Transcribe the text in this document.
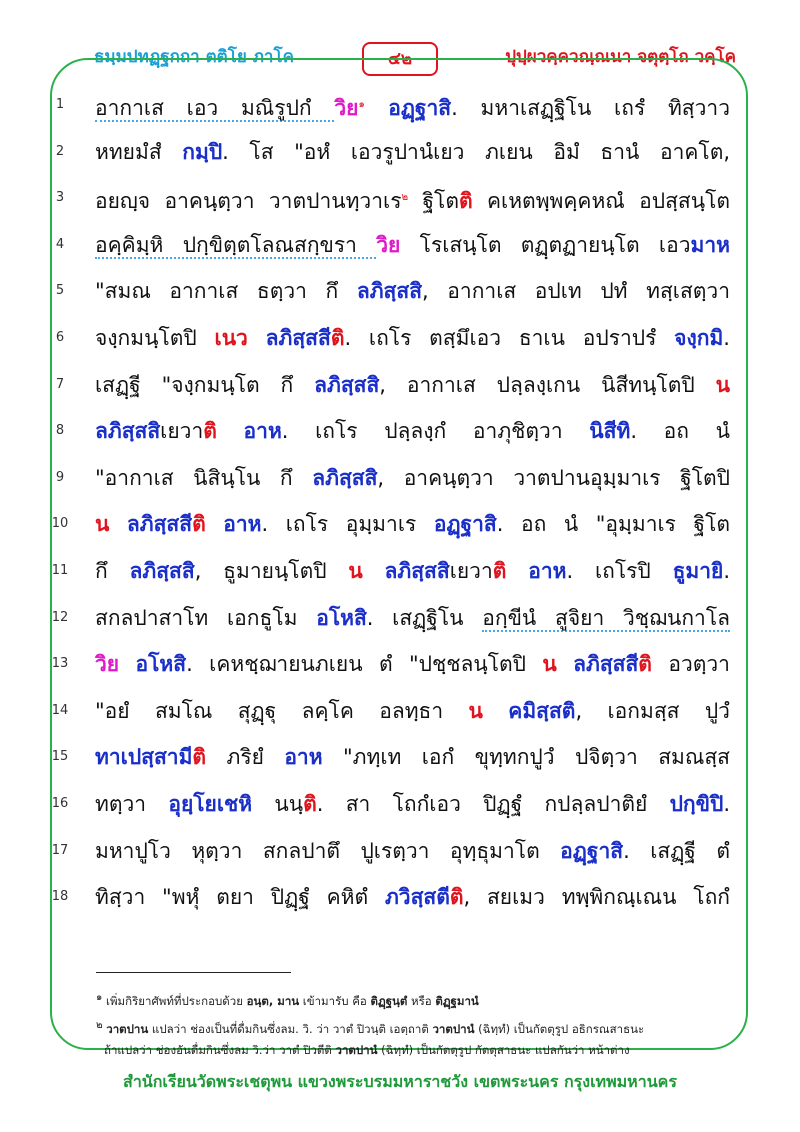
ธมฺมปทฏฺฐกถา ตติโย ภาโค	๔๒	ปุปฺผวคฺควณฺณนา จตุตฺโถ วคฺโค
1	อากาเส เอว มณิรูปกํ วิย$^๑$ อฏฺฐาสิ. มหาเสฏฺฐิโน เถรํ ทิสฺวาว
2	หทยมํสํ กมฺปิ. โส "อหํ เอวรูปานํเยว ภเยน อิมํ ธานํ อาคโต,
3	อยญฺจ อาคนฺตฺวา วาตปานทฺวาเร$^๒$ ฐิโตติ คเหตพฺพคฺคหณํ อปสฺสนฺโต
4	อคฺคิมฺหิ ปกฺขิตฺตโลณสกฺขรา วิย โรเสนฺโต ตฏฺตฏายนฺโต เอวมาห
5	"สมณ อากาเส ธตฺวา กึ ลภิสฺสสิ, อากาเส อปเท ปทํ ทสฺเสตฺวา
6	จงฺกมนฺโตปิ เนว ลภิสฺสสีติ. เถโร ตสฺมึเอว ธาเน อปราปรํ จงฺกมิ.
7	เสฏฺฐี "จงฺกมนฺโต กึ ลภิสฺสสิ, อากาเส ปลฺลงฺเกน นิสีทนฺโตปิ น
8	ลภิสฺสสิเยวาติ อาห. เถโร ปลฺลงฺกํ อาภุชิตฺวา นิสีทิ. อถ นํ
9	"อากาเส นิสินฺโน กึ ลภิสฺสสิ, อาคนฺตฺวา วาตปานอุมฺมาเร ฐิโตปิ
10	น ลภิสฺสสีติ อาห. เถโร อุมฺมาเร อฏฺฐาสิ. อถ นํ "อุมฺมาเร ฐิโต
11	กึ ลภิสฺสสิ, ธูมายนฺโตปิ น ลภิสฺสสิเยวาติ อาห. เถโรปิ ธูมายิ.
12	สกลปาสาโท เอกธูโม อโหสิ. เสฏฺฐิโน อกฺขีนํ สูจิยา วิชฺฌนกาโล
13	วิย อโหสิ. เคหชฺฌายนภเยน ตํ "ปชฺชลนฺโตปิ น ลภิสฺสสีติ อวตฺวา
14	"อยํ สมโณ สุฏฺฐุ ลคฺโค อลทฺธา น คมิสฺสติ, เอกมสฺส ปูวํ
15	ทาเปสฺสามีติ ภริยํ อาห "ภทฺเท เอกํ ขุทฺทกปูวํ ปจิตฺวา สมณสฺส
16	ทตฺวา อุยฺโยเชหิ นนฺติ. สา โถกํเอว ปิฏฺฐํ กปลฺลปาติยํ ปกฺขิปิ.
17	มหาปูโว หุตฺวา สกลปาตึ ปูเรตฺวา อุทฺธุมาโต อฏฺฐาสิ. เสฏฺฐี ตํ
18	ทิสฺวา "พหุํ ตยา ปิฏฺฐํ คหิตํ ภวิสฺสตีติ, สยเมว ทพฺพิกณฺเณน โถกํ
$^๑$ เพิ่มกิริยาศัพท์ที่ประกอบด้วย อนฺต, มาน เข้ามารับ คือ ติฏฺฐนฺตํ หรือ ติฏฺฐมานํ
$^๒$ วาตปาน แปลว่า ช่องเป็นที่ดื่มกินซึ่งลม. วิ. ว่า วาตํ ปิวนฺติ เอตฺถาติ วาตปานํ (ฉิทฺทํ) เป็นกัตตุรูป อธิกรณสาธนะ
ถ้าแปลว่า ช่องอันดื่มกินซึ่งลม วิ.ว่า วาตํ ปิวตีติ วาตปานํ (ฉิทฺทํ) เป็นกัตตุรูป กัตตุสาธนะ แปลกันว่า หน้าต่าง
สำนักเรียนวัดพระเชตุพน แขวงพระบรมมหาราชวัง เขตพระนคร กรุงเทพมหานคร
